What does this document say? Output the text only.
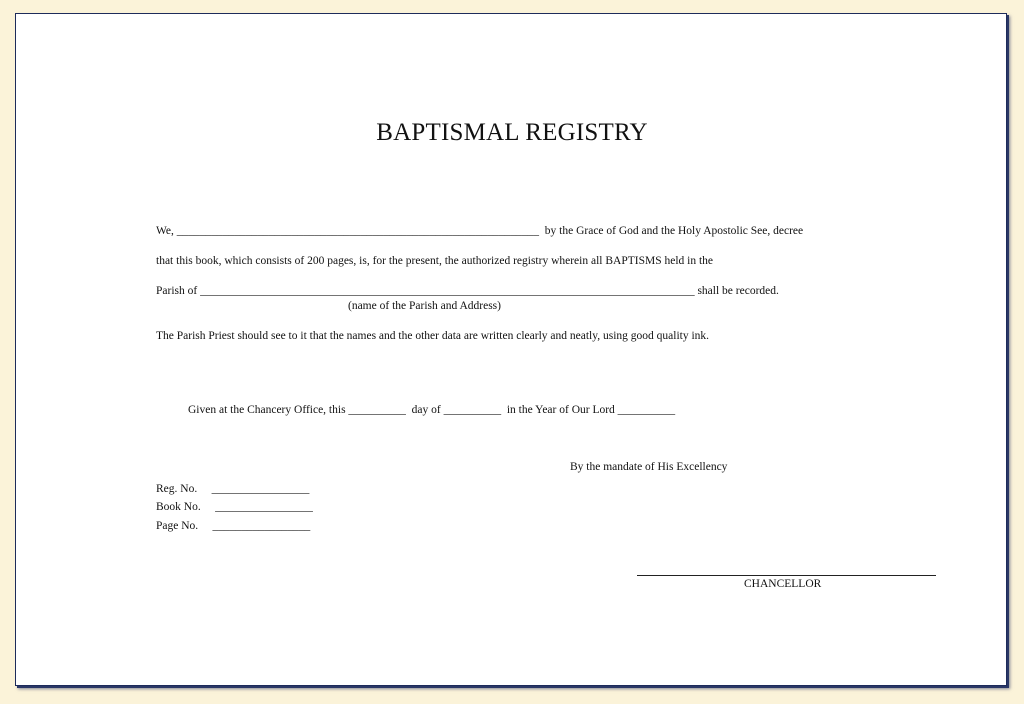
BAPTISMAL REGISTRY
We, _______________________________________________________________  by the Grace of God and the Holy Apostolic See, decree
that this book, which consists of 200 pages, is, for the present, the authorized registry wherein all BAPTISMS held in the
Parish of ______________________________________________________________________________________ shall be recorded.
(name of the Parish and Address)
The Parish Priest should see to it that the names and the other data are written clearly and neatly, using good quality ink.
Given at the Chancery Office, this __________  day of __________  in the Year of Our Lord __________
By the mandate of His Excellency
Reg. No.     _________________
Book No.     _________________
Page No.     _________________
CHANCELLOR
